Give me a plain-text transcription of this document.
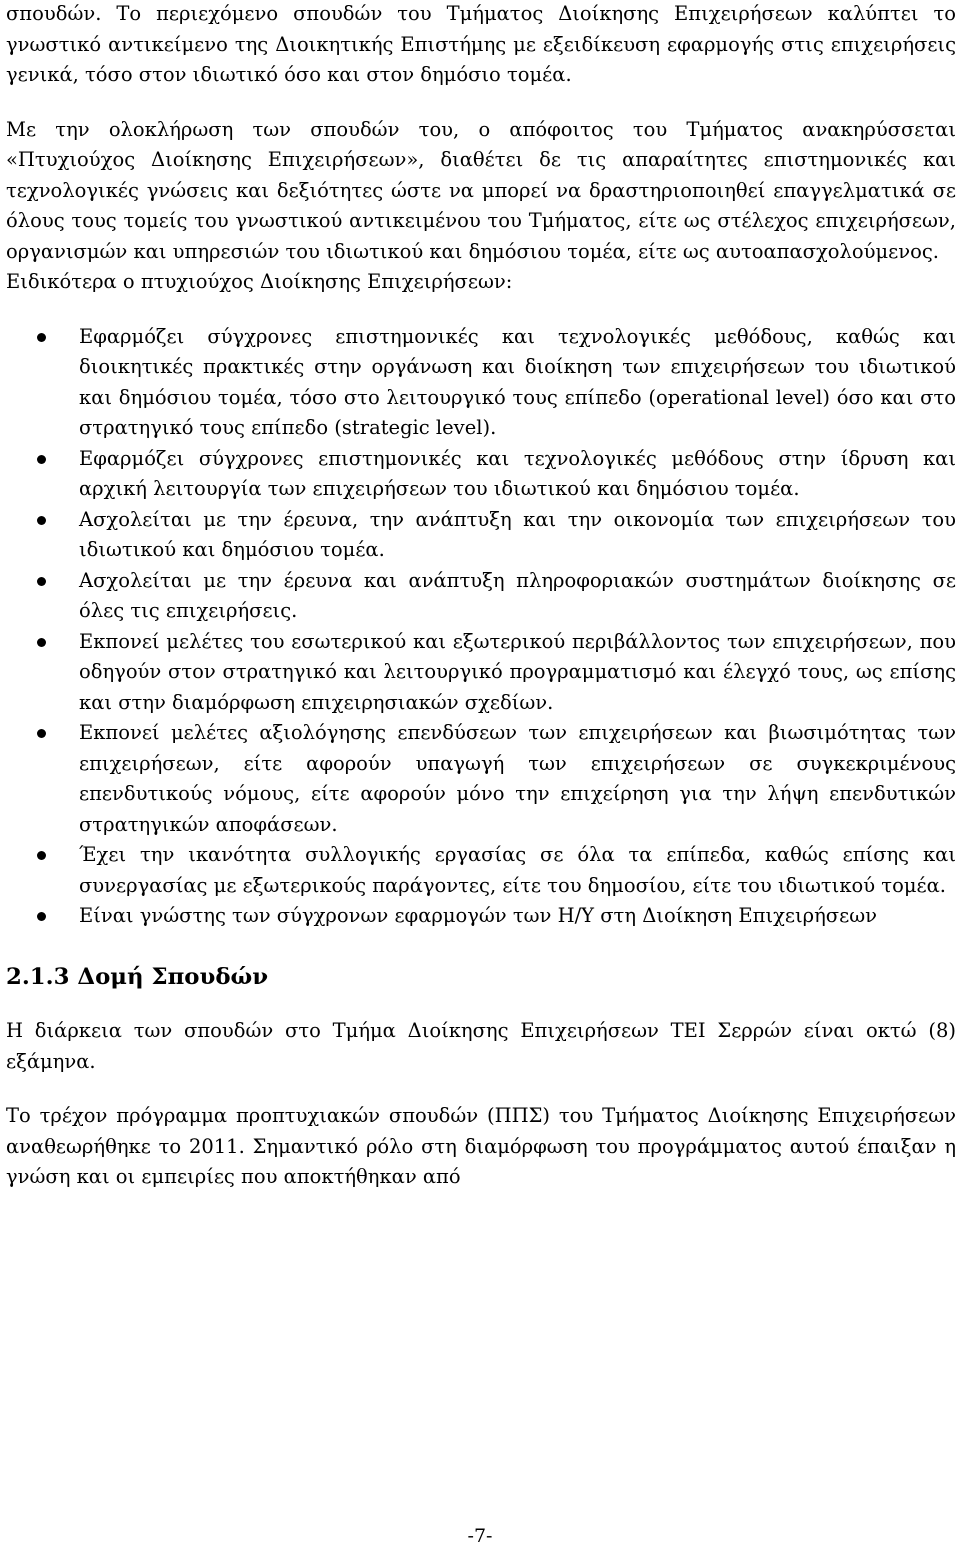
σπουδών. Το περιεχόμενο σπουδών του Τμήματος Διοίκησης Επιχειρήσεων καλύπτει το γνωστικό αντικείμενο της Διοικητικής Επιστήμης με εξειδίκευση εφαρμογής στις επιχειρήσεις γενικά, τόσο στον ιδιωτικό όσο και στον δημόσιο τομέα.

Με την ολοκλήρωση των σπουδών του, ο απόφοιτος του Τμήματος ανακηρύσσεται «Πτυχιούχος Διοίκησης Επιχειρήσεων», διαθέτει δε τις απαραίτητες επιστημονικές και τεχνολογικές γνώσεις και δεξιότητες ώστε να μπορεί να δραστηριοποιηθεί επαγγελματικά σε όλους τους τομείς του γνωστικού αντικειμένου του Τμήματος, είτε ως στέλεχος επιχειρήσεων, οργανισμών και υπηρεσιών του ιδιωτικού και δημόσιου τομέα, είτε ως αυτοαπασχολούμενος.

Ειδικότερα ο πτυχιούχος Διοίκησης Επιχειρήσεων:

Εφαρμόζει σύγχρονες επιστημονικές και τεχνολογικές μεθόδους, καθώς και διοικητικές πρακτικές στην οργάνωση και διοίκηση των επιχειρήσεων του ιδιωτικού και δημόσιου τομέα, τόσο στο λειτουργικό τους επίπεδο (operational level) όσο και στο στρατηγικό τους επίπεδο (strategic level).
Εφαρμόζει σύγχρονες επιστημονικές και τεχνολογικές μεθόδους στην ίδρυση και αρχική λειτουργία των επιχειρήσεων του ιδιωτικού και δημόσιου τομέα.
Ασχολείται με την έρευνα, την ανάπτυξη και την οικονομία των επιχειρήσεων του ιδιωτικού και δημόσιου τομέα.
Ασχολείται με την έρευνα και ανάπτυξη πληροφοριακών συστημάτων διοίκησης σε όλες τις επιχειρήσεις.
Εκπονεί μελέτες του εσωτερικού και εξωτερικού περιβάλλοντος των επιχειρήσεων, που οδηγούν στον στρατηγικό και λειτουργικό προγραμματισμό και έλεγχό τους, ως επίσης και στην διαμόρφωση επιχειρησιακών σχεδίων.
Εκπονεί μελέτες αξιολόγησης επενδύσεων των επιχειρήσεων και βιωσιμότητας των επιχειρήσεων, είτε αφορούν υπαγωγή των επιχειρήσεων σε συγκεκριμένους επενδυτικούς νόμους, είτε αφορούν μόνο την επιχείρηση για την λήψη επενδυτικών στρατηγικών αποφάσεων.
Έχει την ικανότητα συλλογικής εργασίας σε όλα τα επίπεδα, καθώς επίσης και συνεργασίας με εξωτερικούς παράγοντες, είτε του δημοσίου, είτε του ιδιωτικού τομέα.
Είναι γνώστης των σύγχρονων εφαρμογών των Η/Υ στη Διοίκηση Επιχειρήσεων
2.1.3 Δομή Σπουδών

Η διάρκεια των σπουδών στο Τμήμα Διοίκησης Επιχειρήσεων ΤΕΙ Σερρών είναι οκτώ (8) εξάμηνα.

Το τρέχον πρόγραμμα προπτυχιακών σπουδών (ΠΠΣ) του Τμήματος Διοίκησης Επιχειρήσεων αναθεωρήθηκε το 2011. Σημαντικό ρόλο στη διαμόρφωση του προγράμματος αυτού έπαιξαν η γνώση και οι εμπειρίες που αποκτήθηκαν από

-7-
